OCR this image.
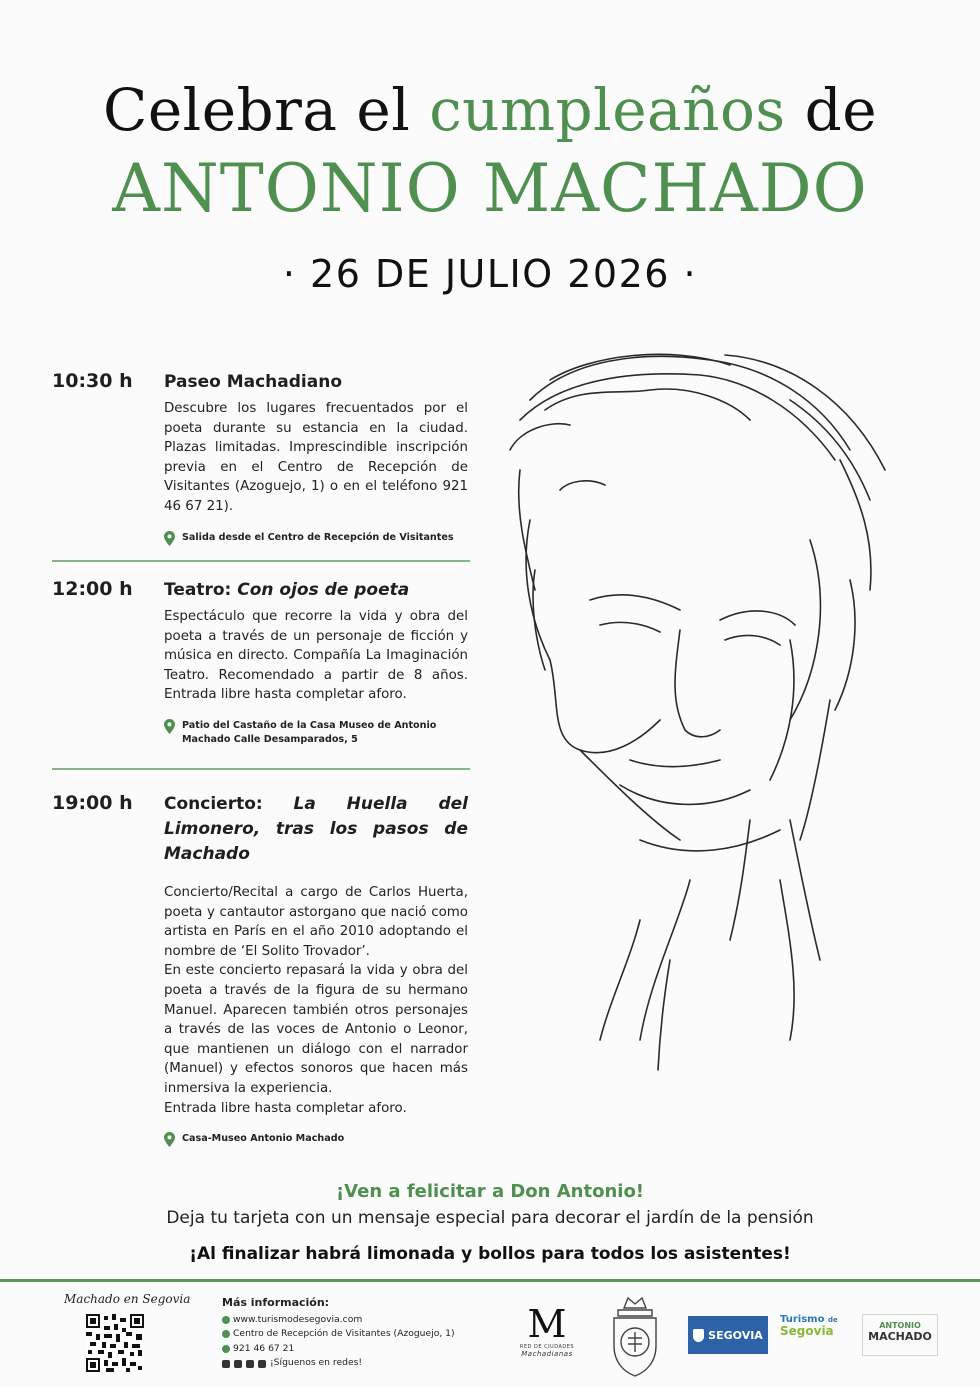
Celebra el cumpleaños de
ANTONIO MACHADO
· 26 DE JULIO 2026 ·
10:30 h Paseo Machadiano
Descubre los lugares frecuentados por el poeta durante su estancia en la ciudad. Plazas limitadas. Imprescindible inscripción previa en el Centro de Recepción de Visitantes (Azoguejo, 1) o en el teléfono 921 46 67 21).
Salida desde el Centro de Recepción de Visitantes
12:00 h Teatro: Con ojos de poeta
Espectáculo que recorre la vida y obra del poeta a través de un personaje de ficción y música en directo. Compañía La Imaginación Teatro. Recomendado a partir de 8 años. Entrada libre hasta completar aforo.
Patio del Castaño de la Casa Museo de Antonio Machado Calle Desamparados, 5
19:00 h Concierto: La Huella del Limonero, tras los pasos de Machado

Concierto/Recital a cargo de Carlos Huerta, poeta y cantautor astorgano que nació como artista en París en el año 2010 adoptando el nombre de ‘El Solito Trovador’.

En este concierto repasará la vida y obra del poeta a través de la figura de su hermano Manuel. Aparecen también otros personajes a través de las voces de Antonio o Leonor, que mantienen un diálogo con el narrador (Manuel) y efectos sonoros que hacen más inmersiva la experiencia.

Entrada libre hasta completar aforo.

Casa-Museo Antonio Machado
¡Ven a felicitar a Don Antonio!
Deja tu tarjeta con un mensaje especial para decorar el jardín de la pensión
¡Al finalizar habrá limonada y bollos para todos los asistentes!
Machado en Segovia	Más información:
www.turismodesegovia.com
Centro de Recepción de Visitantes (Azoguejo, 1)
921 46 67 21
¡Síguenos en redes!
M
RED DE CIUDADES
Machadianas
SEGOVIA
Turismo de
Segovia	ANTONIO
MACHADO
